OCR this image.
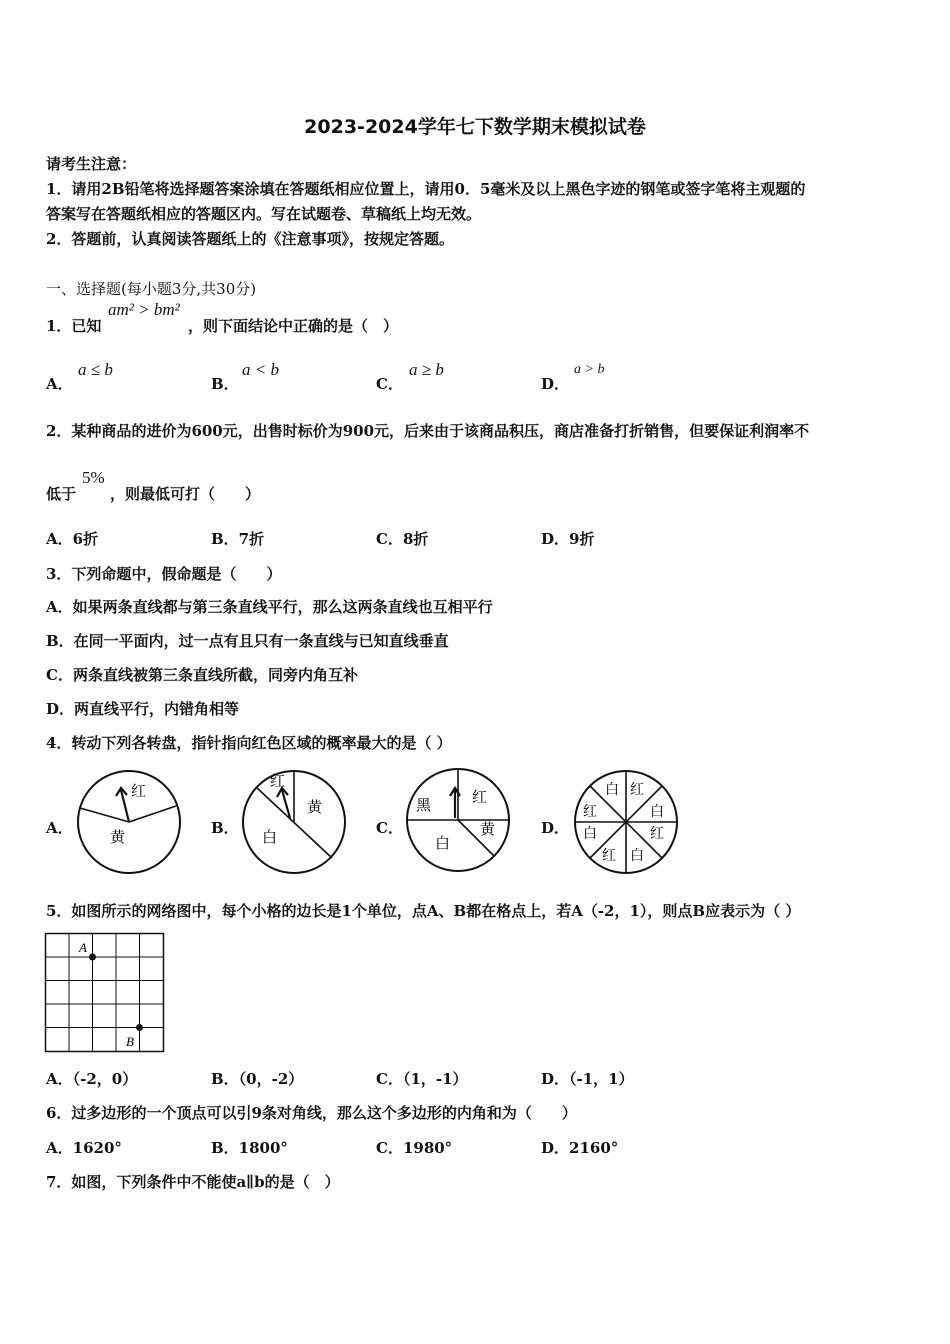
2023-2024学年七下数学期末模拟试卷
请考生注意：
1．请用2B铅笔将选择题答案涂填在答题纸相应位置上，请用0．5毫米及以上黑色字迹的钢笔或签字笔将主观题的
答案写在答题纸相应的答题区内。写在试题卷、草稿纸上均无效。
2．答题前，认真阅读答题纸上的《注意事项》，按规定答题。
一、选择题(每小题3分,共30分)
1．已知
am² > bm²
，则下面结论中正确的是（　）
A．
a ≤ b
B．
a < b
C．
a ≥ b
D．
a > b
2．某种商品的进价为600元，出售时标价为900元，后来由于该商品积压，商店准备打折销售，但要保证利润率不
低于
5%
，则最低可打（　　）
A．6折	B．7折	C．8折	D．9折
3．下列命题中，假命题是（　　）
A．如果两条直线都与第三条直线平行，那么这两条直线也互相平行
B．在同一平面内，过一点有且只有一条直线与已知直线垂直
C．两条直线被第三条直线所截，同旁内角互补
D．两直线平行，内错角相等
4．转动下列各转盘，指针指向红色区域的概率最大的是（ ）
A．
红
黄	B．
红
黄
白	C．
黑	红
黄
白
D．
白 红
白
红
白
红
白
红
5．如图所示的网络图中，每个小格的边长是1个单位，点A、B都在格点上，若A（-2，1），则点B应表示为（ ）
A
B
A．（-2，0）	B．（0，-2）	C．（1，-1）	D．（-1，1）
6．过多边形的一个顶点可以引9条对角线，那么这个多边形的内角和为（　　）
A．1620°	B．1800°	C．1980°	D．2160°
7．如图，下列条件中不能使a∥b的是（　）
